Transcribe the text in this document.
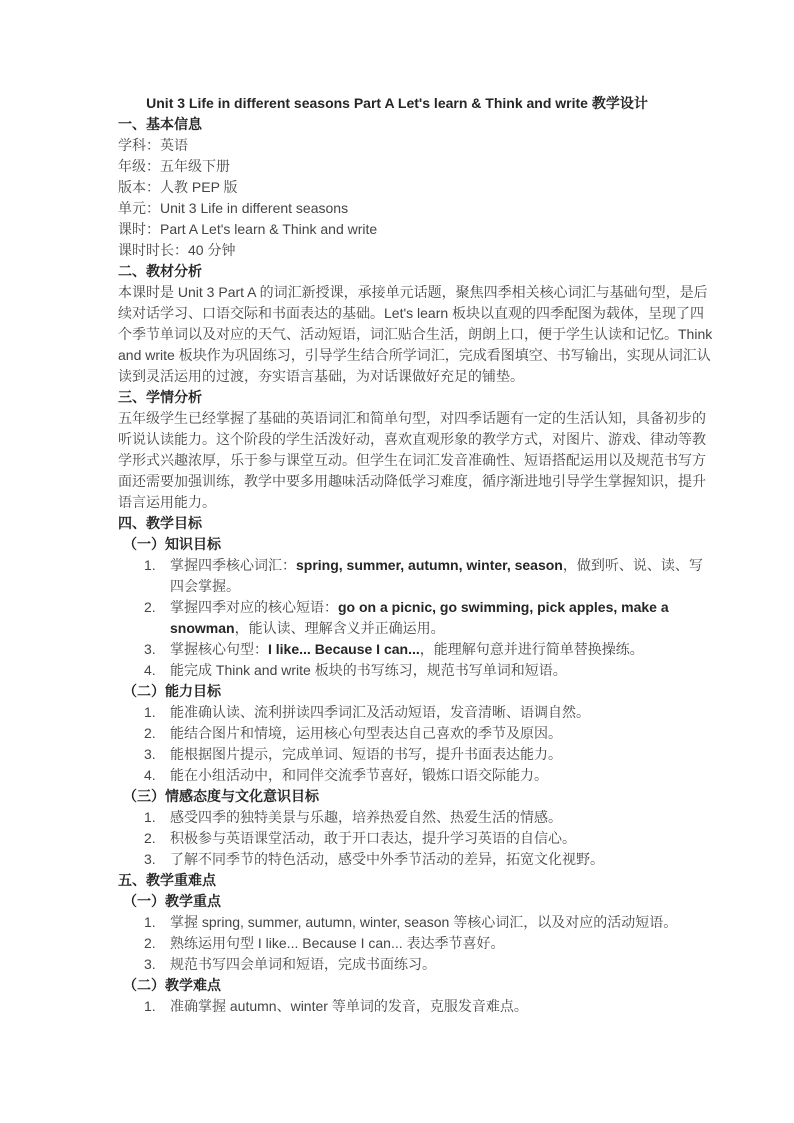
Unit 3 Life in different seasons Part A Let's learn & Think and write 教学设计
一、基本信息
学科：英语
年级：五年级下册
版本：人教 PEP 版
单元：Unit 3 Life in different seasons
课时：Part A Let's learn & Think and write
课时时长：40 分钟
二、教材分析
本课时是 Unit 3 Part A 的词汇新授课，承接单元话题，聚焦四季相关核心词汇与基础句型，是后续对话学习、口语交际和书面表达的基础。Let's learn 板块以直观的四季配图为载体，呈现了四个季节单词以及对应的天气、活动短语，词汇贴合生活，朗朗上口，便于学生认读和记忆。Think and write 板块作为巩固练习，引导学生结合所学词汇，完成看图填空、书写输出，实现从词汇认读到灵活运用的过渡，夯实语言基础，为对话课做好充足的铺垫。
三、学情分析
五年级学生已经掌握了基础的英语词汇和简单句型，对四季话题有一定的生活认知，具备初步的听说认读能力。这个阶段的学生活泼好动，喜欢直观形象的教学方式，对图片、游戏、律动等教学形式兴趣浓厚，乐于参与课堂互动。但学生在词汇发音准确性、短语搭配运用以及规范书写方面还需要加强训练，教学中要多用趣味活动降低学习难度，循序渐进地引导学生掌握知识，提升语言运用能力。
四、教学目标
（一）知识目标
1. 掌握四季核心词汇：spring, summer, autumn, winter, season，做到听、说、读、写四会掌握。
2. 掌握四季对应的核心短语：go on a picnic, go swimming, pick apples, make a snowman，能认读、理解含义并正确运用。
3. 掌握核心句型：I like... Because I can...，能理解句意并进行简单替换操练。
4. 能完成 Think and write 板块的书写练习，规范书写单词和短语。
（二）能力目标
1. 能准确认读、流利拼读四季词汇及活动短语，发音清晰、语调自然。
2. 能结合图片和情境，运用核心句型表达自己喜欢的季节及原因。
3. 能根据图片提示，完成单词、短语的书写，提升书面表达能力。
4. 能在小组活动中，和同伴交流季节喜好，锻炼口语交际能力。
（三）情感态度与文化意识目标
1. 感受四季的独特美景与乐趣，培养热爱自然、热爱生活的情感。
2. 积极参与英语课堂活动，敢于开口表达，提升学习英语的自信心。
3. 了解不同季节的特色活动，感受中外季节活动的差异，拓宽文化视野。
五、教学重难点
（一）教学重点
1. 掌握 spring, summer, autumn, winter, season 等核心词汇，以及对应的活动短语。
2. 熟练运用句型 I like... Because I can... 表达季节喜好。
3. 规范书写四会单词和短语，完成书面练习。
（二）教学难点
1. 准确掌握 autumn、winter 等单词的发音，克服发音难点。
